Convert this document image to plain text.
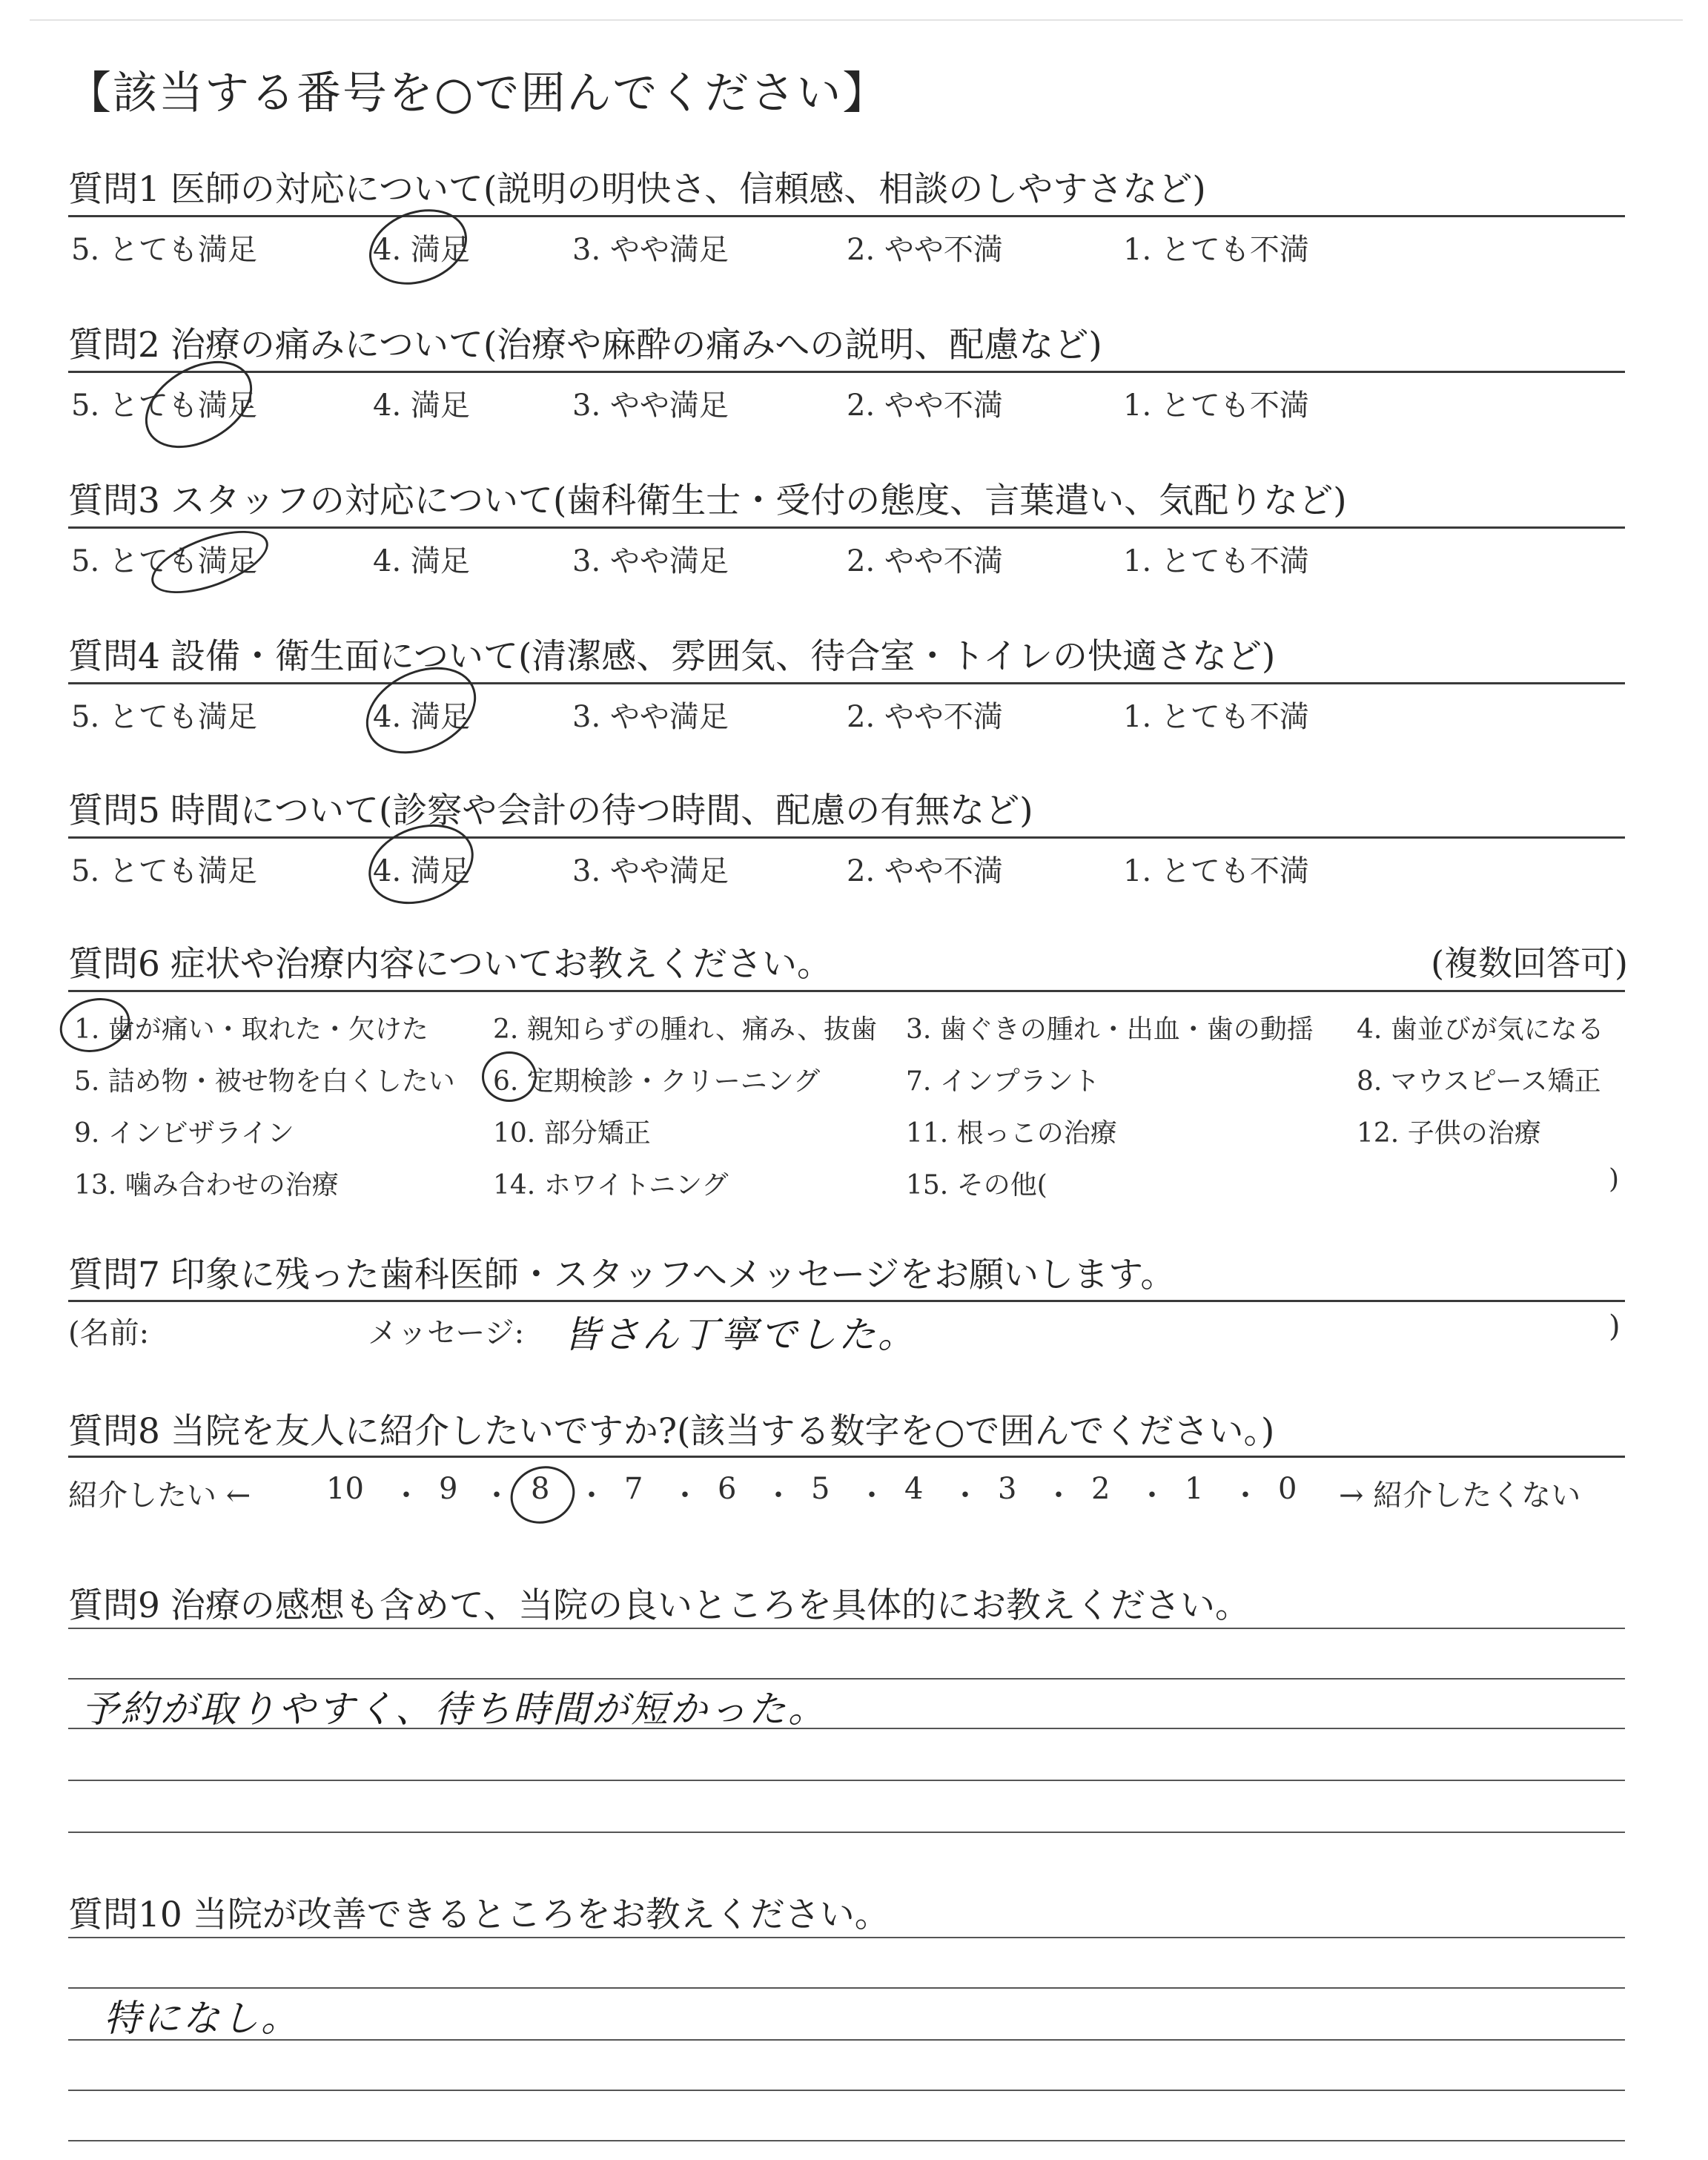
【該当する番号を○で囲んでください】
質問1 医師の対応について(説明の明快さ、信頼感、相談のしやすさなど)
5. とても満足	4. 満足	3. やや満足	2. やや不満	1. とても不満
質問2 治療の痛みについて(治療や麻酔の痛みへの説明、配慮など)
5. とても満足	4. 満足	3. やや満足	2. やや不満	1. とても不満
質問3 スタッフの対応について(歯科衛生士・受付の態度、言葉遣い、気配りなど)
5. とても満足	4. 満足	3. やや満足	2. やや不満	1. とても不満
質問4 設備・衛生面について(清潔感、雰囲気、待合室・トイレの快適さなど)
5. とても満足	4. 満足	3. やや満足	2. やや不満	1. とても不満
質問5 時間について(診察や会計の待つ時間、配慮の有無など)
5. とても満足	4. 満足	3. やや満足	2. やや不満	1. とても不満
質問6 症状や治療内容についてお教えください。	(複数回答可)
1. 歯が痛い・取れた・欠けた 2. 親知らずの腫れ、痛み、抜歯 3. 歯ぐきの腫れ・出血・歯の動揺 4. 歯並びが気になる
5. 詰め物・被せ物を白くしたい 6. 定期検診・クリーニング	7. インプラント	8. マウスピース矯正
9. インビザライン	10. 部分矯正	11. 根っこの治療	12. 子供の治療
13. 噛み合わせの治療	14. ホワイトニング	15. その他(	)
質問7 印象に残った歯科医師・スタッフへメッセージをお願いします。
(名前:	メッセージ: 皆さん丁寧でした。	)
質問8 当院を友人に紹介したいですか?(該当する数字を○で囲んでください。)
紹介したい ←	10 ・ 9 ・ 8 ・ 7 ・ 6 ・ 5 ・ 4 ・ 3 ・ 2 ・ 1 ・ 0 → 紹介したくない
質問9 治療の感想も含めて、当院の良いところを具体的にお教えください。
予約が取りやすく、待ち時間が短かった。
質問10 当院が改善できるところをお教えください。
特になし。
